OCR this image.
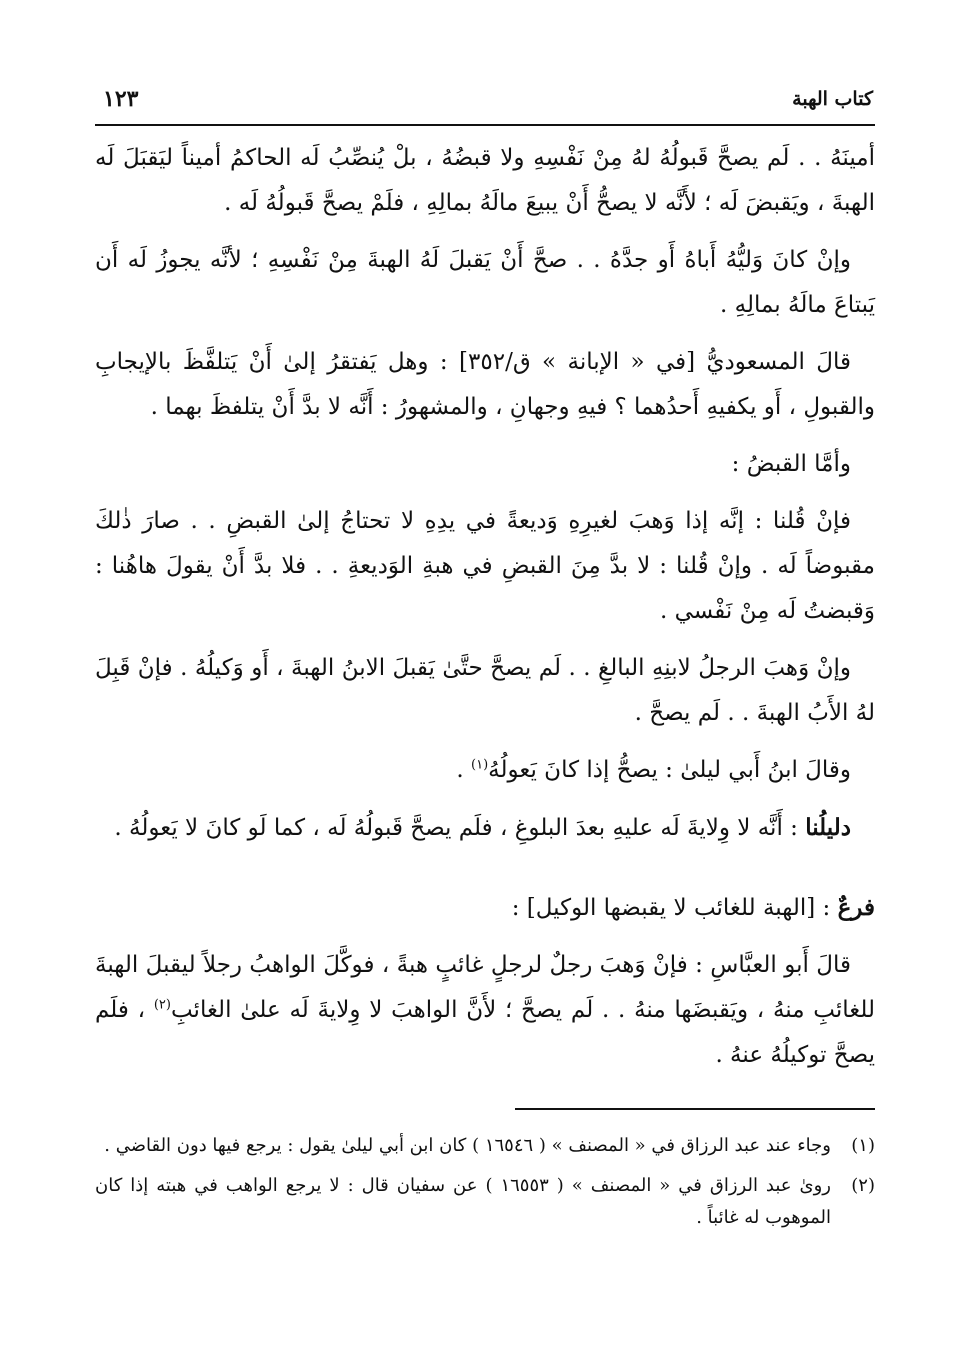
كتاب الهبة
١٢٣

أمينَهُ . . لَم يصحَّ قَبولُهُ لهُ مِنْ نَفْسِهِ ولا قبضُهُ ، بلْ يُنصِّبُ لَه الحاكمُ أميناً ليَقبَلَ لَه الهبةَ ، ويَقبضَ لَه ؛ لأَنَّه لا يصحُّ أَنْ يبيعَ مالَهُ بمالِهِ ، فلَمْ يصحَّ قَبولُهُ لَه .

وإنْ كانَ وَليُّهُ أَباهُ أَو جدَّهُ . . صحَّ أَنْ يَقبلَ لَهُ الهبةَ مِنْ نَفْسِهِ ؛ لأنَّه يجوزُ لَه أَن يَبتاعَ مالَهُ بمالِهِ .

قالَ المسعوديُّ [في « الإبانة » ق/٣٥٢] : وهل يَفتقرُ إلىٰ أَنْ يَتلفَّظَ بالإيجابِ والقبولِ ، أَو يكفيهِ أَحدُهما ؟ فيهِ وجهانِ ، والمشهورُ : أَنَّه لا بدَّ أَنْ يتلفظَ بهما .

وأمَّا القبضُ :

فإنْ قُلنا : إنَّه إذا وَهبَ لغيرِهِ وَديعةً في يدِهِ لا تحتاجُ إلىٰ القبضِ . . صارَ ذٰلكَ مقبوضاً لَه . وإنْ قُلنا : لا بدَّ مِنَ القبضِ في هبةِ الوَديعةِ . . فلا بدَّ أَنْ يقولَ هاهُنا : وَقبضتُ لَه مِنْ نَفْسي .

وإنْ وَهبَ الرجلُ لابنِهِ البالغِ . . لَم يصحَّ حتَّىٰ يَقبلَ الابنُ الهبةَ ، أَو وَكيلُهُ . فإنْ قَبِلَ لهُ الأَبُ الهبةَ . . لَم يصحَّ .

وقالَ ابنُ أَبي ليلىٰ : يصحُّ إذا كانَ يَعولُهُ$^{(١)}$ .

دليلُنا : أَنَّه لا وِلايةَ لَه عليهِ بعدَ البلوغِ ، فلَم يصحَّ قَبولُهُ لَه ، كما لَو كانَ لا يَعولُهُ .

فرعٌ : [الهبة للغائب لا يقبضها الوكيل] :

قالَ أَبو العبَّاسِ : فإنْ وَهبَ رجلٌ لرجلٍ غائبٍ هبةً ، فوكَّلَ الواهبُ رجلاً ليقبلَ الهبةَ للغائبِ منهُ ، ويَقبضَها منهُ . . لَم يصحَّ ؛ لأَنَّ الواهبَ لا وِلايةَ لَه علىٰ الغائبِ$^{(٢)}$ ، فلَم يصحَّ توكيلُهُ عنهُ .

(١)
وجاء عند عبد الرزاق في « المصنف » ( ١٦٥٤٦ ) كان ابن أبي ليلىٰ يقول : يرجع فيها دون القاضي .
(٢)
روىٰ عبد الرزاق في « المصنف » ( ١٦٥٥٣ ) عن سفيان قال : لا يرجع الواهب في هبته إذا كان الموهوب له غائباً .
